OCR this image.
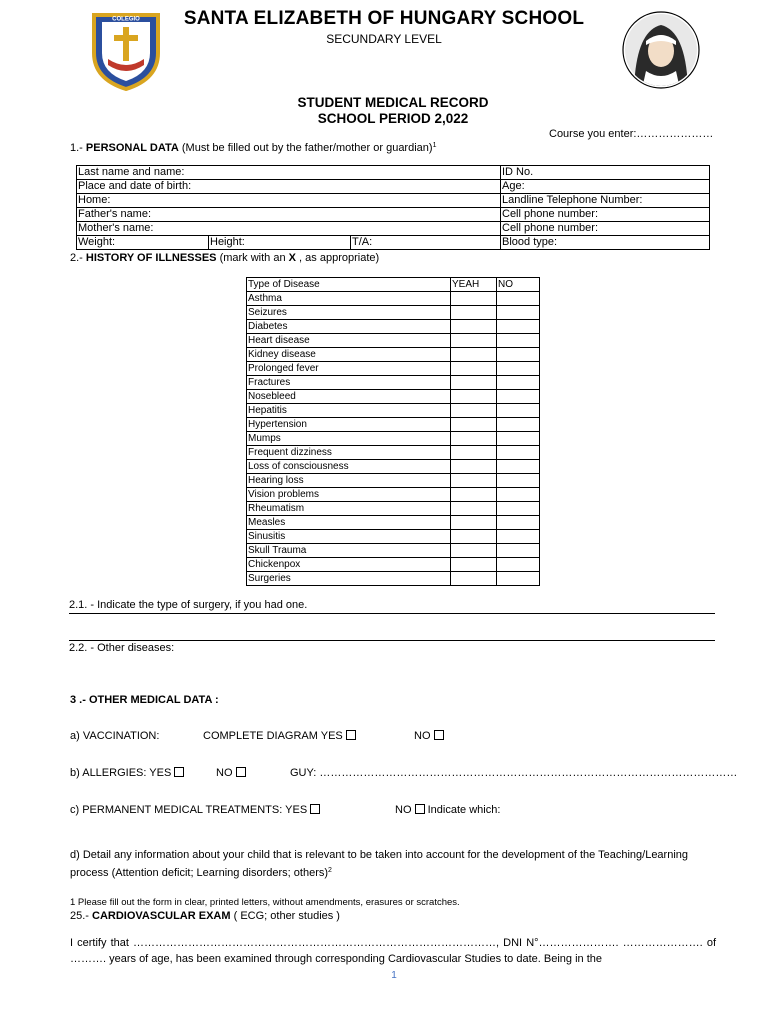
COLEGIO	SANTA ELIZABETH OF HUNGARY SCHOOL
SECUNDARY LEVEL
STUDENT MEDICAL RECORD
SCHOOL PERIOD 2,022
Course you enter:…………………
1.- PERSONAL DATA (Must be filled out by the father/mother or guardian)$^1$
Last name and name:			ID No.
Place and date of birth:			Age:
Home:			Landline Telephone Number:
Father's name:			Cell phone number:
Mother's name:			Cell phone number:
Weight:	Height:	T/A:	Blood type:
2.- HISTORY OF ILLNESSES (mark with an X , as appropriate)
Type of Disease	YEAH	NO
Asthma		
Seizures		
Diabetes		
Heart disease		
Kidney disease		
Prolonged fever		
Fractures		
Nosebleed		
Hepatitis		
Hypertension		
Mumps		
Frequent dizziness		
Loss of consciousness		
Hearing loss		
Vision problems		
Rheumatism		
Measles		
Sinusitis		
Skull Trauma		
Chickenpox		
Surgeries		
2.1. - Indicate the type of surgery, if you had one.
2.2. - Other diseases:
3 .- OTHER MEDICAL DATA :
a) VACCINATION:	COMPLETE DIAGRAM YES	NO
b) ALLERGIES: YES	NO	GUY: ……………………………………………………………………………………………………
c) PERMANENT MEDICAL TREATMENTS: YES	NO Indicate which:
d) Detail any information about your child that is relevant to be taken into account for the development of the Teaching/Learning process (Attention deficit; Learning disorders; others)$^2$
1 Please fill out the form in clear, printed letters, without amendments, erasures or scratches.
25.- CARDIOVASCULAR EXAM ( ECG; other studies )
I certify that ………………………………………………………………………………………, DNI N°…………………. …………………. of ………. years of age, has been examined through corresponding Cardiovascular Studies to date. Being in the
1
